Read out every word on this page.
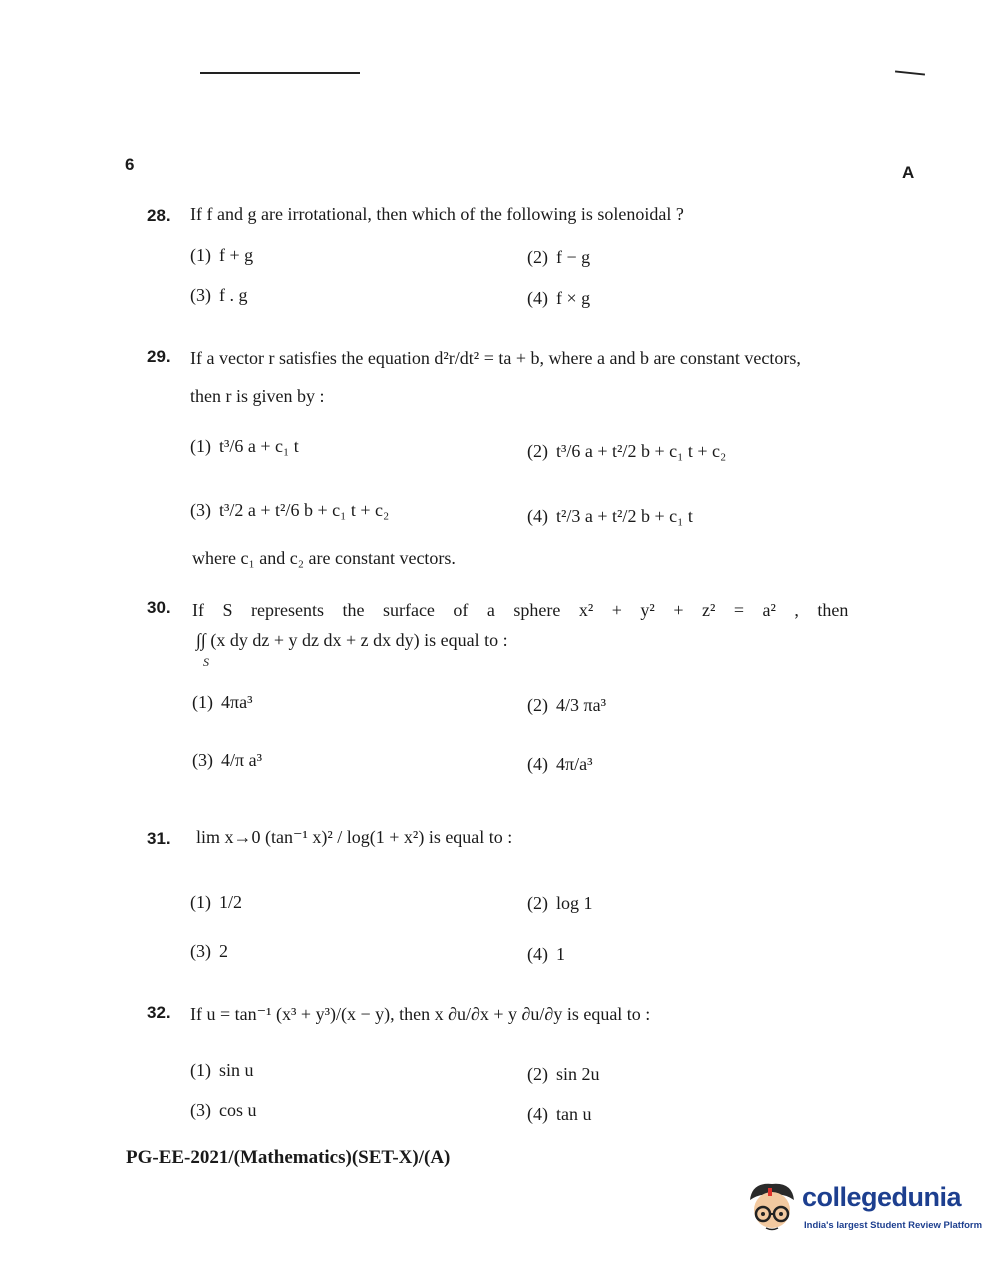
6	A
28. If f and g are irrotational, then which of the following is solenoidal ?
(1) f + g	(2) f − g
(3) f . g	(4) f × g
29. If a vector r satisfies the equation d²r/dt² = ta + b, where a and b are constant vectors,
then r is given by :
(1) t³/6 a + c₁ t	(2) t³/6 a + t²/2 b + c₁ t + c₂
(3) t³/2 a + t²/6 b + c₁ t + c₂	(4) t²/3 a + t²/2 b + c₁ t
where c₁ and c₂ are constant vectors.
30. If S represents the surface of a sphere x² + y² + z² = a² , then
∫∫ (x dy dz + y dz dx + z dx dy) is equal to :
S
(1) 4πa³	(2) 4/3 πa³
(3) 4/π a³	(4) 4π/a³
31. lim x→0 (tan⁻¹ x)² / log(1 + x²) is equal to :
(1) 1/2	(2) log 1
(3) 2	(4) 1
32. If u = tan⁻¹ (x³ + y³)/(x − y), then x ∂u/∂x + y ∂u/∂y is equal to :
(1) sin u	(2) sin 2u
(3) cos u	(4) tan u
PG-EE-2021/(Mathematics)(SET-X)/(A)
collegedunia
India's largest Student Review Platform
